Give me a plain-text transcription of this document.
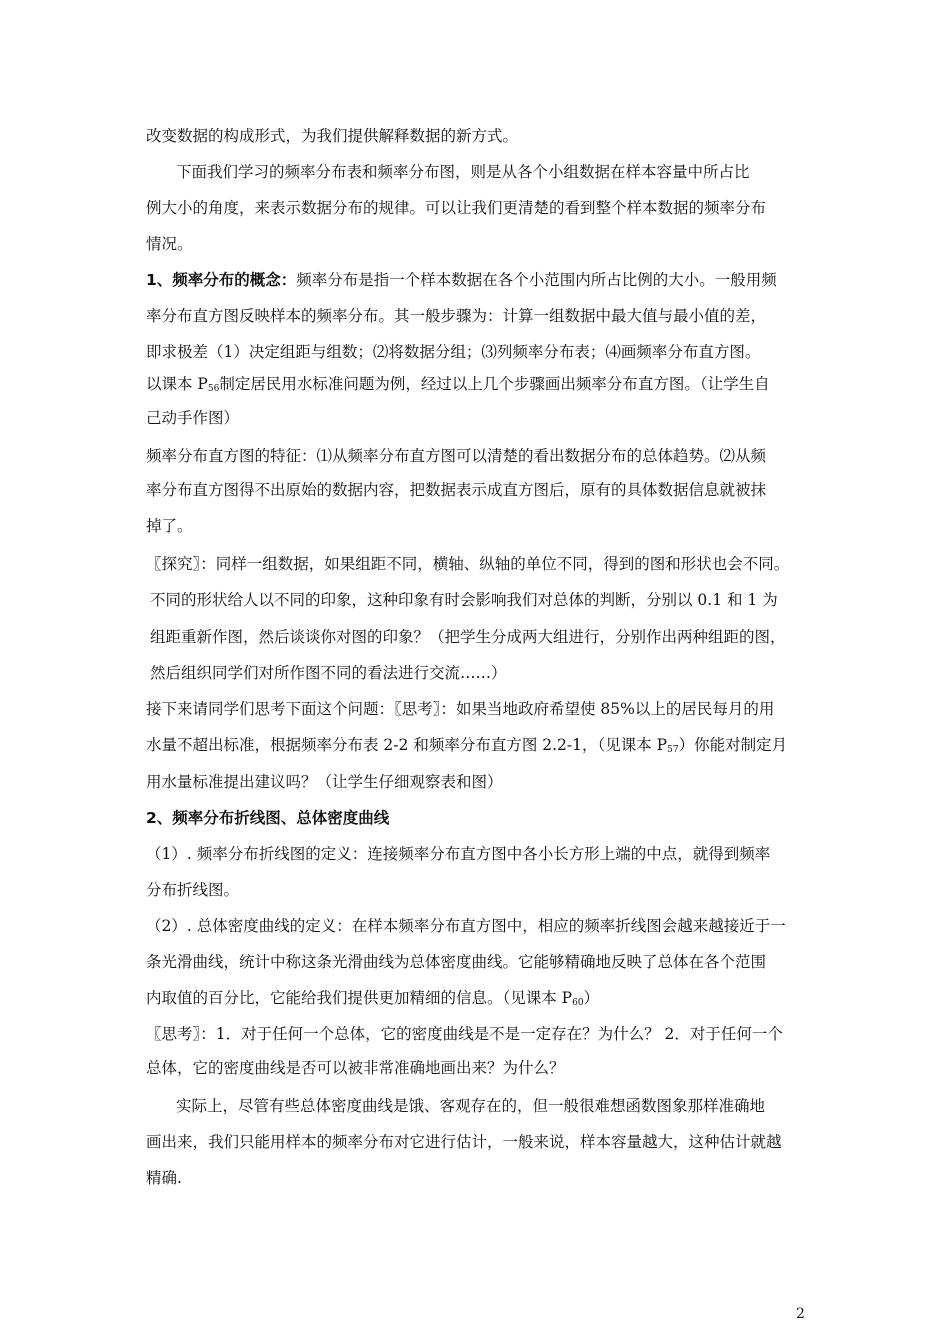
改变数据的构成形式，为我们提供解释数据的新方式。
下面我们学习的频率分布表和频率分布图，则是从各个小组数据在样本容量中所占比
例大小的角度，来表示数据分布的规律。可以让我们更清楚的看到整个样本数据的频率分布
情况。
1、频率分布的概念：频率分布是指一个样本数据在各个小范围内所占比例的大小。一般用频
率分布直方图反映样本的频率分布。其一般步骤为：计算一组数据中最大值与最小值的差，
即求极差（1）决定组距与组数；⑵将数据分组；⑶列频率分布表；⑷画频率分布直方图。
以课本 $P_{56}$制定居民用水标准问题为例，经过以上几个步骤画出频率分布直方图。（让学生自
己动手作图）
频率分布直方图的特征：⑴从频率分布直方图可以清楚的看出数据分布的总体趋势。⑵从频
率分布直方图得不出原始的数据内容，把数据表示成直方图后，原有的具体数据信息就被抹
掉了。
〖探究〗：同样一组数据，如果组距不同，横轴、纵轴的单位不同，得到的图和形状也会不同。
不同的形状给人以不同的印象，这种印象有时会影响我们对总体的判断，分别以 0.1 和 1 为
组距重新作图，然后谈谈你对图的印象？（把学生分成两大组进行，分别作出两种组距的图，
然后组织同学们对所作图不同的看法进行交流……）
接下来请同学们思考下面这个问题：〖思考〗：如果当地政府希望使 85%以上的居民每月的用
水量不超出标准，根据频率分布表 2-2 和频率分布直方图 2.2-1，（见课本 $P_{57}$）你能对制定月
用水量标准提出建议吗？（让学生仔细观察表和图）
2、频率分布折线图、总体密度曲线
（1）. 频率分布折线图的定义：连接频率分布直方图中各小长方形上端的中点，就得到频率
分布折线图。
（2）. 总体密度曲线的定义：在样本频率分布直方图中，相应的频率折线图会越来越接近于一
条光滑曲线，统计中称这条光滑曲线为总体密度曲线。它能够精确地反映了总体在各个范围
内取值的百分比，它能给我们提供更加精细的信息。（见课本 $P_{60}$）
〖思考〗：1．对于任何一个总体，它的密度曲线是不是一定存在？为什么？ 2．对于任何一个
总体，它的密度曲线是否可以被非常准确地画出来？为什么？
实际上，尽管有些总体密度曲线是饿、客观存在的，但一般很难想函数图象那样准确地
画出来，我们只能用样本的频率分布对它进行估计，一般来说，样本容量越大，这种估计就越
精确.
2
